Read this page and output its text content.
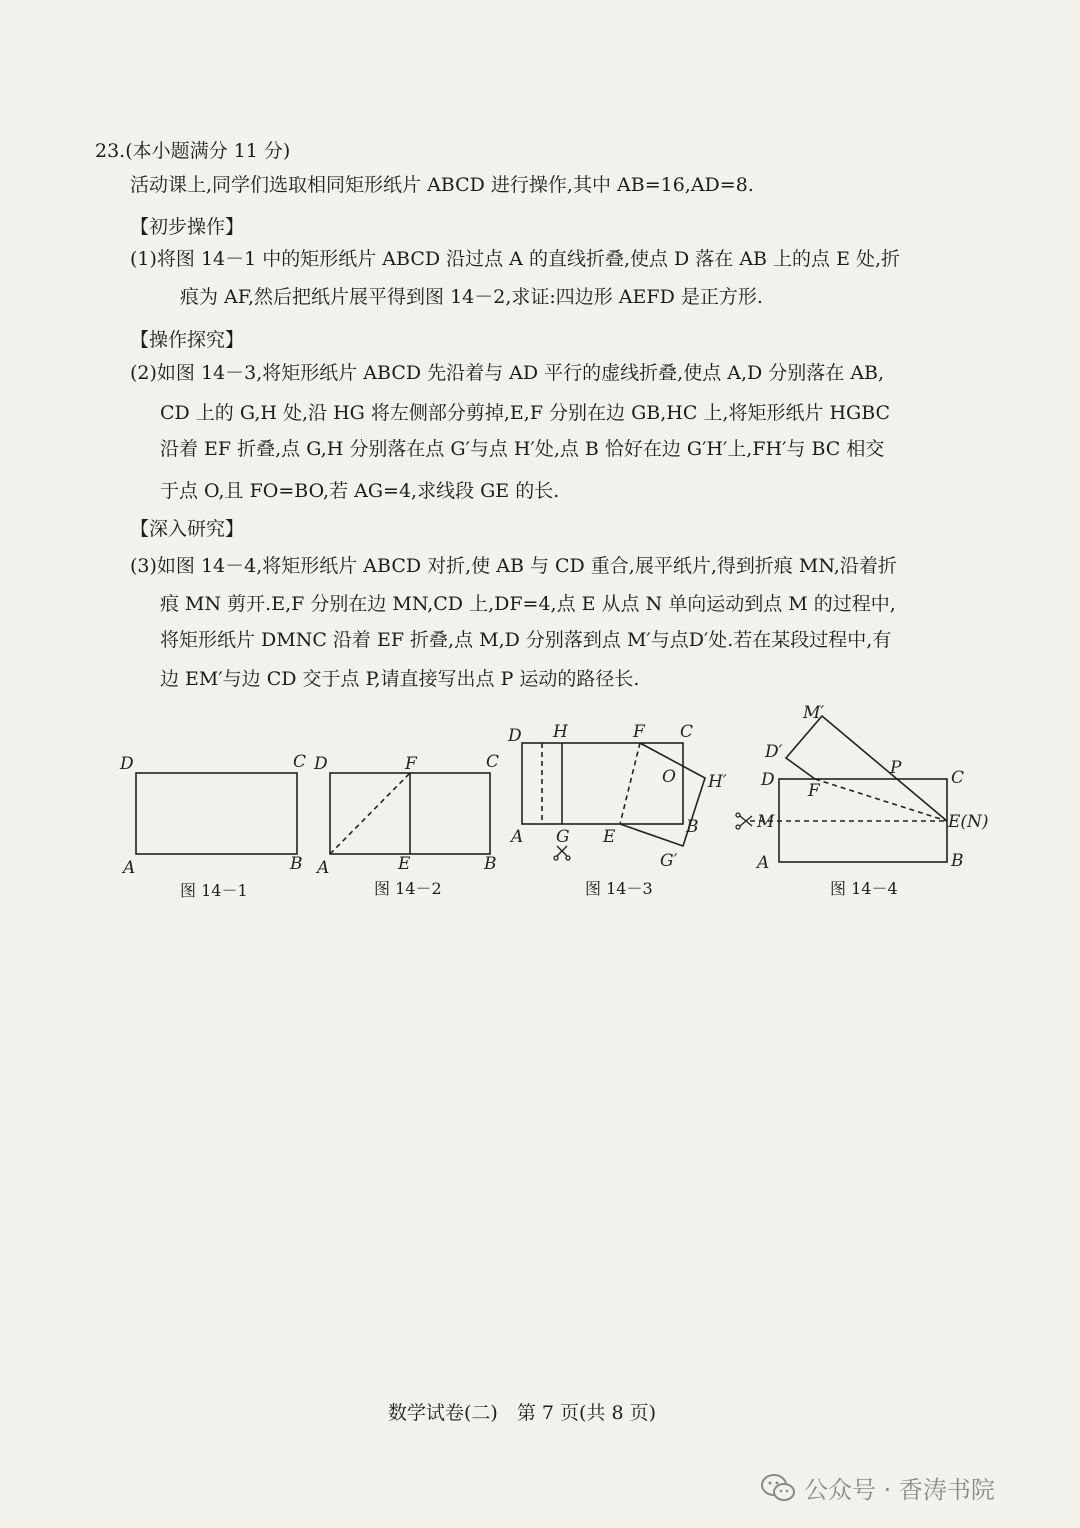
23.(本小题满分 11 分)
活动课上,同学们选取相同矩形纸片 ABCD 进行操作,其中 AB=16,AD=8.
【初步操作】
(1)将图 14－1 中的矩形纸片 ABCD 沿过点 A 的直线折叠,使点 D 落在 AB 上的点 E 处,折
痕为 AF,然后把纸片展平得到图 14－2,求证:四边形 AEFD 是正方形.
【操作探究】
(2)如图 14－3,将矩形纸片 ABCD 先沿着与 AD 平行的虚线折叠,使点 A,D 分别落在 AB,
CD 上的 G,H 处,沿 HG 将左侧部分剪掉,E,F 分别在边 GB,HC 上,将矩形纸片 HGBC
沿着 EF 折叠,点 G,H 分别落在点 G′与点 H′处,点 B 恰好在边 G′H′上,FH′与 BC 相交
于点 O,且 FO=BO,若 AG=4,求线段 GE 的长.
【深入研究】
(3)如图 14－4,将矩形纸片 ABCD 对折,使 AB 与 CD 重合,展平纸片,得到折痕 MN,沿着折
痕 MN 剪开.E,F 分别在边 MN,CD 上,DF=4,点 E 从点 N 单向运动到点 M 的过程中,
将矩形纸片 DMNC 沿着 EF 折叠,点 M,D 分别落到点 M′与点D′处.若在某段过程中,有
边 EM′与边 CD 交于点 P,请直接写出点 P 运动的路径长.
D	C
A	B
D	F	C
A	E	B
D H	F C
O H′
A G E	B
G′
M′
D′
D
F
P	C
M	E(N)
A	B
图 14－1	图 14－2	图 14－3	图 14－4
数学试卷(二)　第 7 页(共 8 页)
公众号 · 香涛书院
